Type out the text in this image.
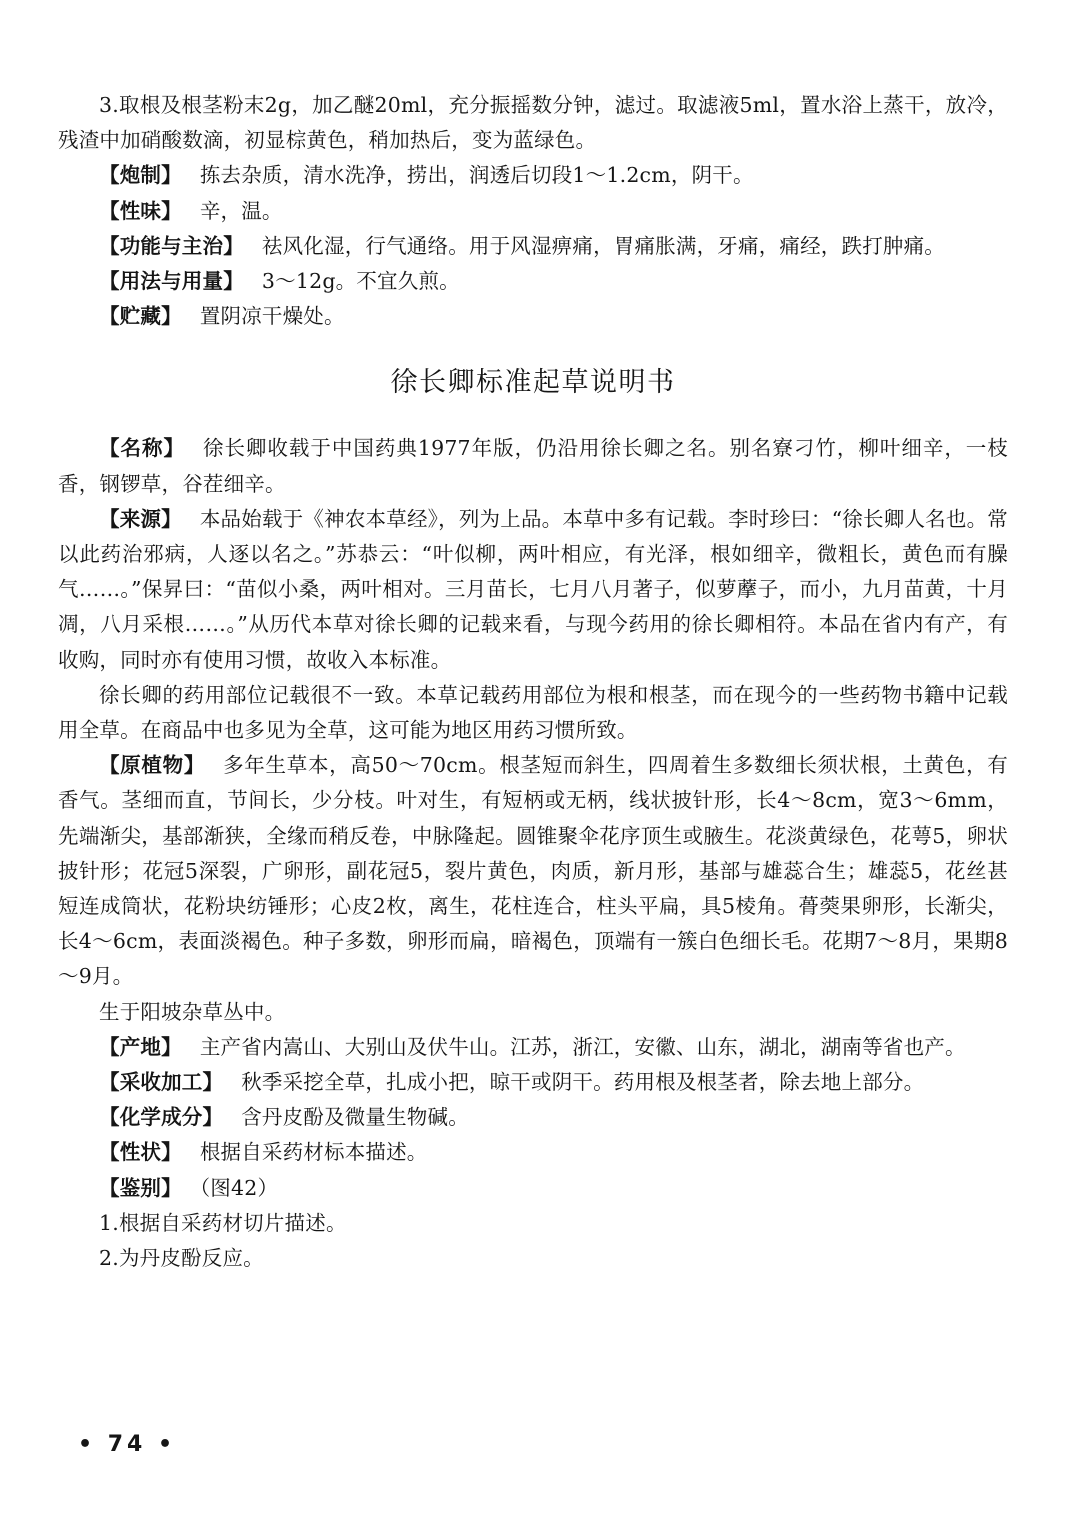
3.取根及根茎粉末2g，加乙醚20ml，充分振摇数分钟，滤过。取滤液5ml，置水浴上蒸干，放冷，残渣中加硝酸数滴，初显棕黄色，稍加热后，变为蓝绿色。

【炮制】 拣去杂质，清水洗净，捞出，润透后切段1～1.2cm，阴干。

【性味】 辛，温。

【功能与主治】 祛风化湿，行气通络。用于风湿痹痛，胃痛胀满，牙痛，痛经，跌打肿痛。

【用法与用量】 3～12g。不宜久煎。

【贮藏】 置阴凉干燥处。

徐长卿标准起草说明书

【名称】 徐长卿收载于中国药典1977年版，仍沿用徐长卿之名。别名寮刁竹，柳叶细辛，一枝香，钢锣草，谷茬细辛。

【来源】 本品始载于《神农本草经》，列为上品。本草中多有记载。李时珍曰：“徐长卿人名也。常以此药治邪病，人逐以名之。”苏恭云：“叶似柳，两叶相应，有光泽，根如细辛，微粗长，黄色而有臊气……。”保昇曰：“苗似小桑，两叶相对。三月苗长，七月八月著子，似萝藦子，而小，九月苗黄，十月凋，八月采根……。”从历代本草对徐长卿的记载来看，与现今药用的徐长卿相符。本品在省内有产，有收购，同时亦有使用习惯，故收入本标准。

徐长卿的药用部位记载很不一致。本草记载药用部位为根和根茎，而在现今的一些药物书籍中记载用全草。在商品中也多见为全草，这可能为地区用药习惯所致。

【原植物】 多年生草本，高50～70cm。根茎短而斜生，四周着生多数细长须状根，土黄色，有香气。茎细而直，节间长，少分枝。叶对生，有短柄或无柄，线状披针形，长4～8cm，宽3～6mm，先端渐尖，基部渐狭，全缘而稍反卷，中脉隆起。圆锥聚伞花序顶生或腋生。花淡黄绿色，花萼5，卵状披针形；花冠5深裂，广卵形，副花冠5，裂片黄色，肉质，新月形，基部与雄蕊合生；雄蕊5，花丝甚短连成筒状，花粉块纺锤形；心皮2枚，离生，花柱连合，柱头平扁，具5棱角。蓇葖果卵形，长渐尖，长4～6cm，表面淡褐色。种子多数，卵形而扁，暗褐色，顶端有一簇白色细长毛。花期7～8月，果期8～9月。

生于阳坡杂草丛中。

【产地】 主产省内嵩山、大别山及伏牛山。江苏，浙江，安徽、山东，湖北，湖南等省也产。

【采收加工】 秋季采挖全草，扎成小把，晾干或阴干。药用根及根茎者，除去地上部分。

【化学成分】 含丹皮酚及微量生物碱。

【性状】 根据自采药材标本描述。

【鉴别】 （图42）

1.根据自采药材切片描述。

2.为丹皮酚反应。

• 74 •
